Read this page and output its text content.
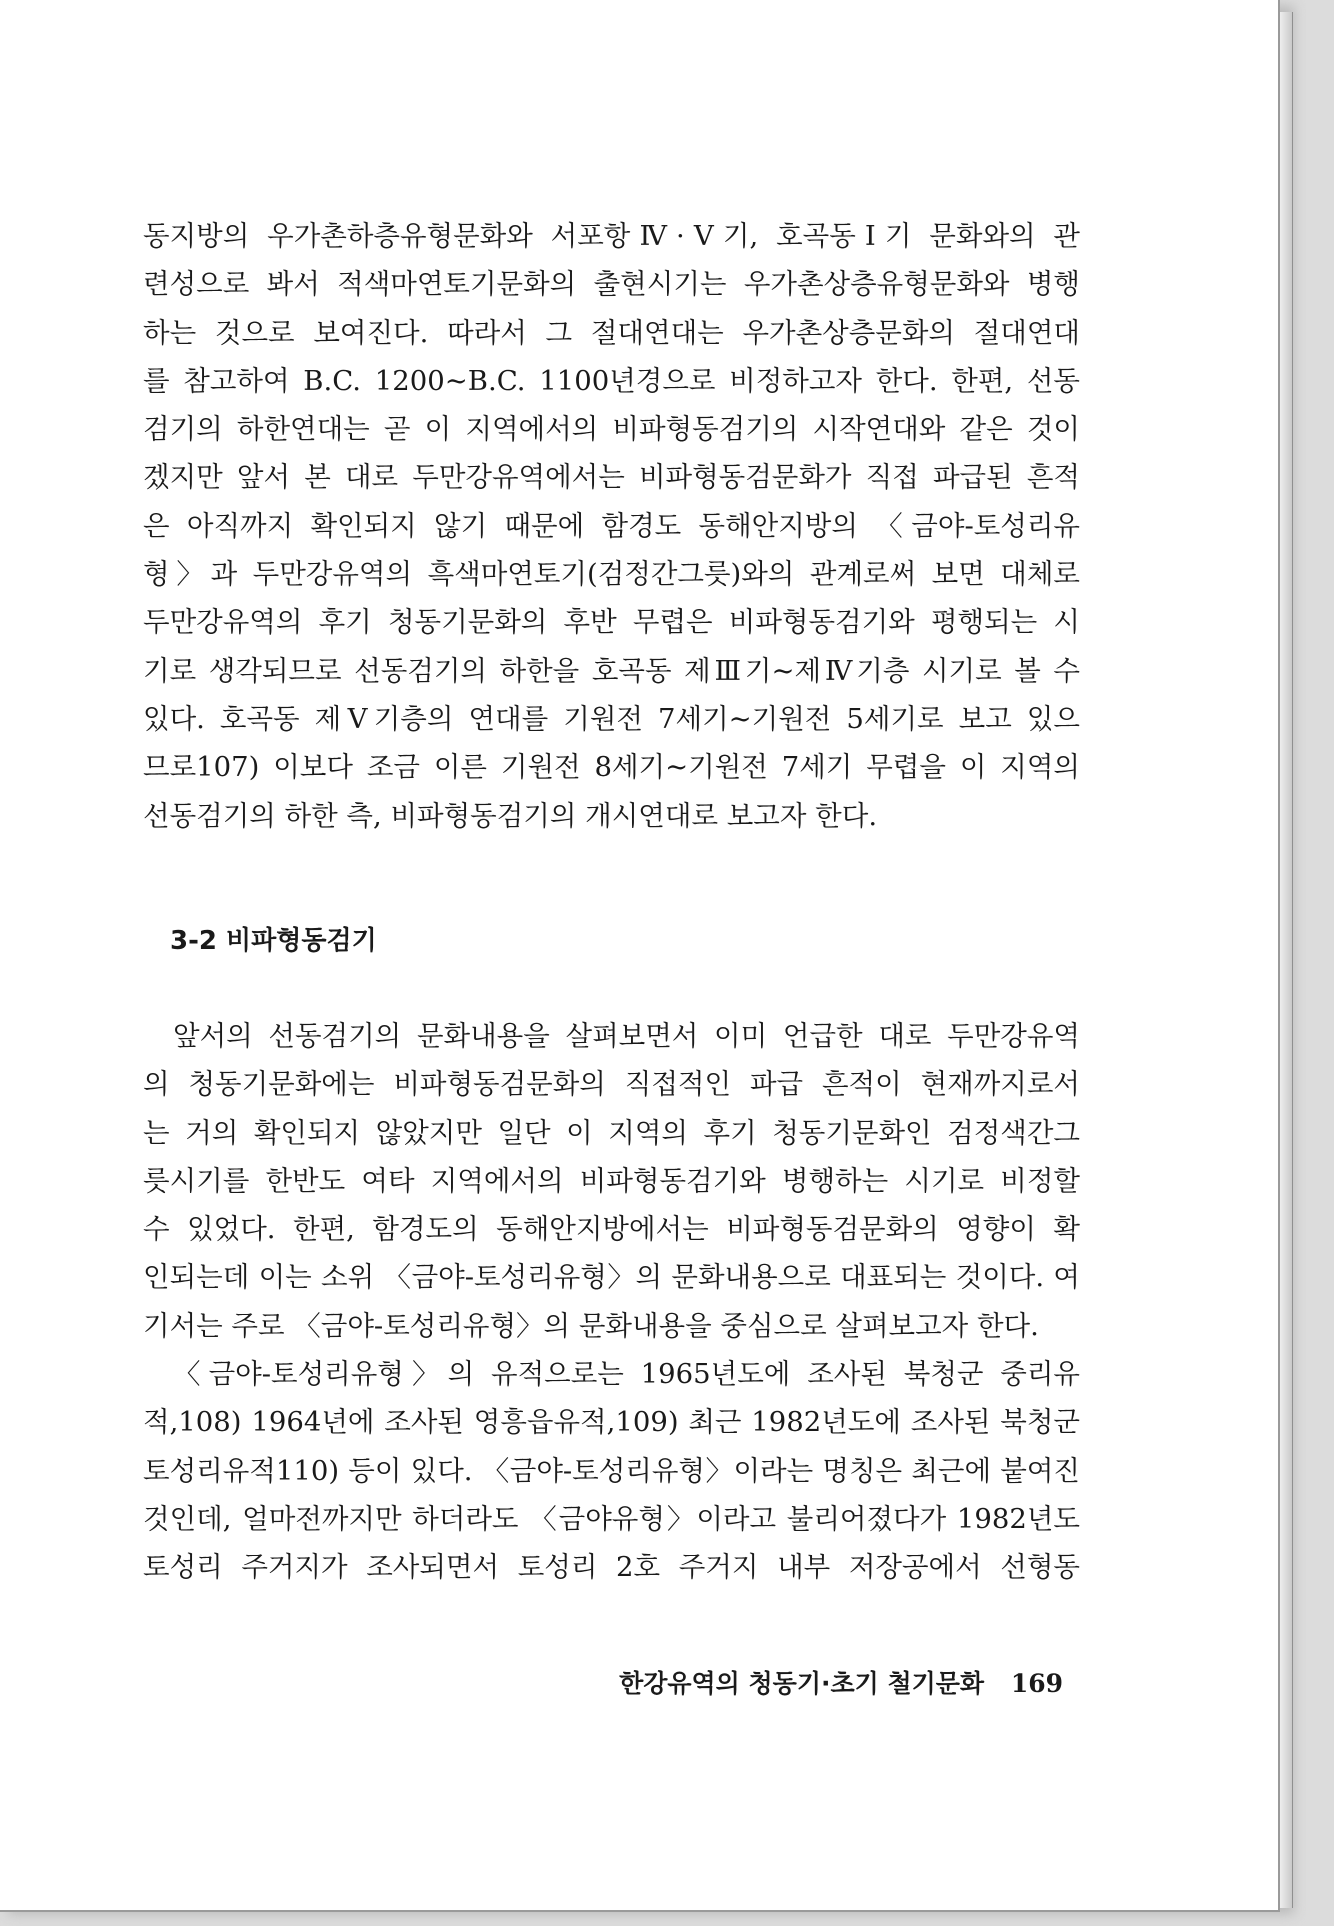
동지방의 우가촌하층유형문화와 서포항Ⅳ·Ⅴ기, 호곡동Ⅰ기 문화와의 관
련성으로 봐서 적색마연토기문화의 출현시기는 우가촌상층유형문화와 병행
하는 것으로 보여진다. 따라서 그 절대연대는 우가촌상층문화의 절대연대
를 참고하여 B.C. 1200∼B.C. 1100년경으로 비정하고자 한다. 한편, 선동
검기의 하한연대는 곧 이 지역에서의 비파형동검기의 시작연대와 같은 것이
겠지만 앞서 본 대로 두만강유역에서는 비파형동검문화가 직접 파급된 흔적
은 아직까지 확인되지 않기 때문에 함경도 동해안지방의 〈금야-토성리유
형〉과 두만강유역의 흑색마연토기(검정간그릇)와의 관계로써 보면 대체로
두만강유역의 후기 청동기문화의 후반 무렵은 비파형동검기와 평행되는 시
기로 생각되므로 선동검기의 하한을 호곡동 제Ⅲ기∼제Ⅳ기층 시기로 볼 수
있다. 호곡동 제Ⅴ기층의 연대를 기원전 7세기∼기원전 5세기로 보고 있으
므로107) 이보다 조금 이른 기원전 8세기∼기원전 7세기 무렵을 이 지역의
선동검기의 하한 측, 비파형동검기의 개시연대로 보고자 한다.
3-2 비파형동검기
앞서의 선동검기의 문화내용을 살펴보면서 이미 언급한 대로 두만강유역
의 청동기문화에는 비파형동검문화의 직접적인 파급 흔적이 현재까지로서
는 거의 확인되지 않았지만 일단 이 지역의 후기 청동기문화인 검정색간그
릇시기를 한반도 여타 지역에서의 비파형동검기와 병행하는 시기로 비정할
수 있었다. 한편, 함경도의 동해안지방에서는 비파형동검문화의 영향이 확
인되는데 이는 소위 〈금야-토성리유형〉의 문화내용으로 대표되는 것이다. 여
기서는 주로 〈금야-토성리유형〉의 문화내용을 중심으로 살펴보고자 한다.
〈금야-토성리유형〉의 유적으로는 1965년도에 조사된 북청군 중리유
적,108) 1964년에 조사된 영흥읍유적,109) 최근 1982년도에 조사된 북청군
토성리유적110) 등이 있다. 〈금야-토성리유형〉이라는 명칭은 최근에 붙여진
것인데, 얼마전까지만 하더라도 〈금야유형〉이라고 불리어졌다가 1982년도
토성리 주거지가 조사되면서 토성리 2호 주거지 내부 저장공에서 선형동
한강유역의 청동기·초기 철기문화 169
